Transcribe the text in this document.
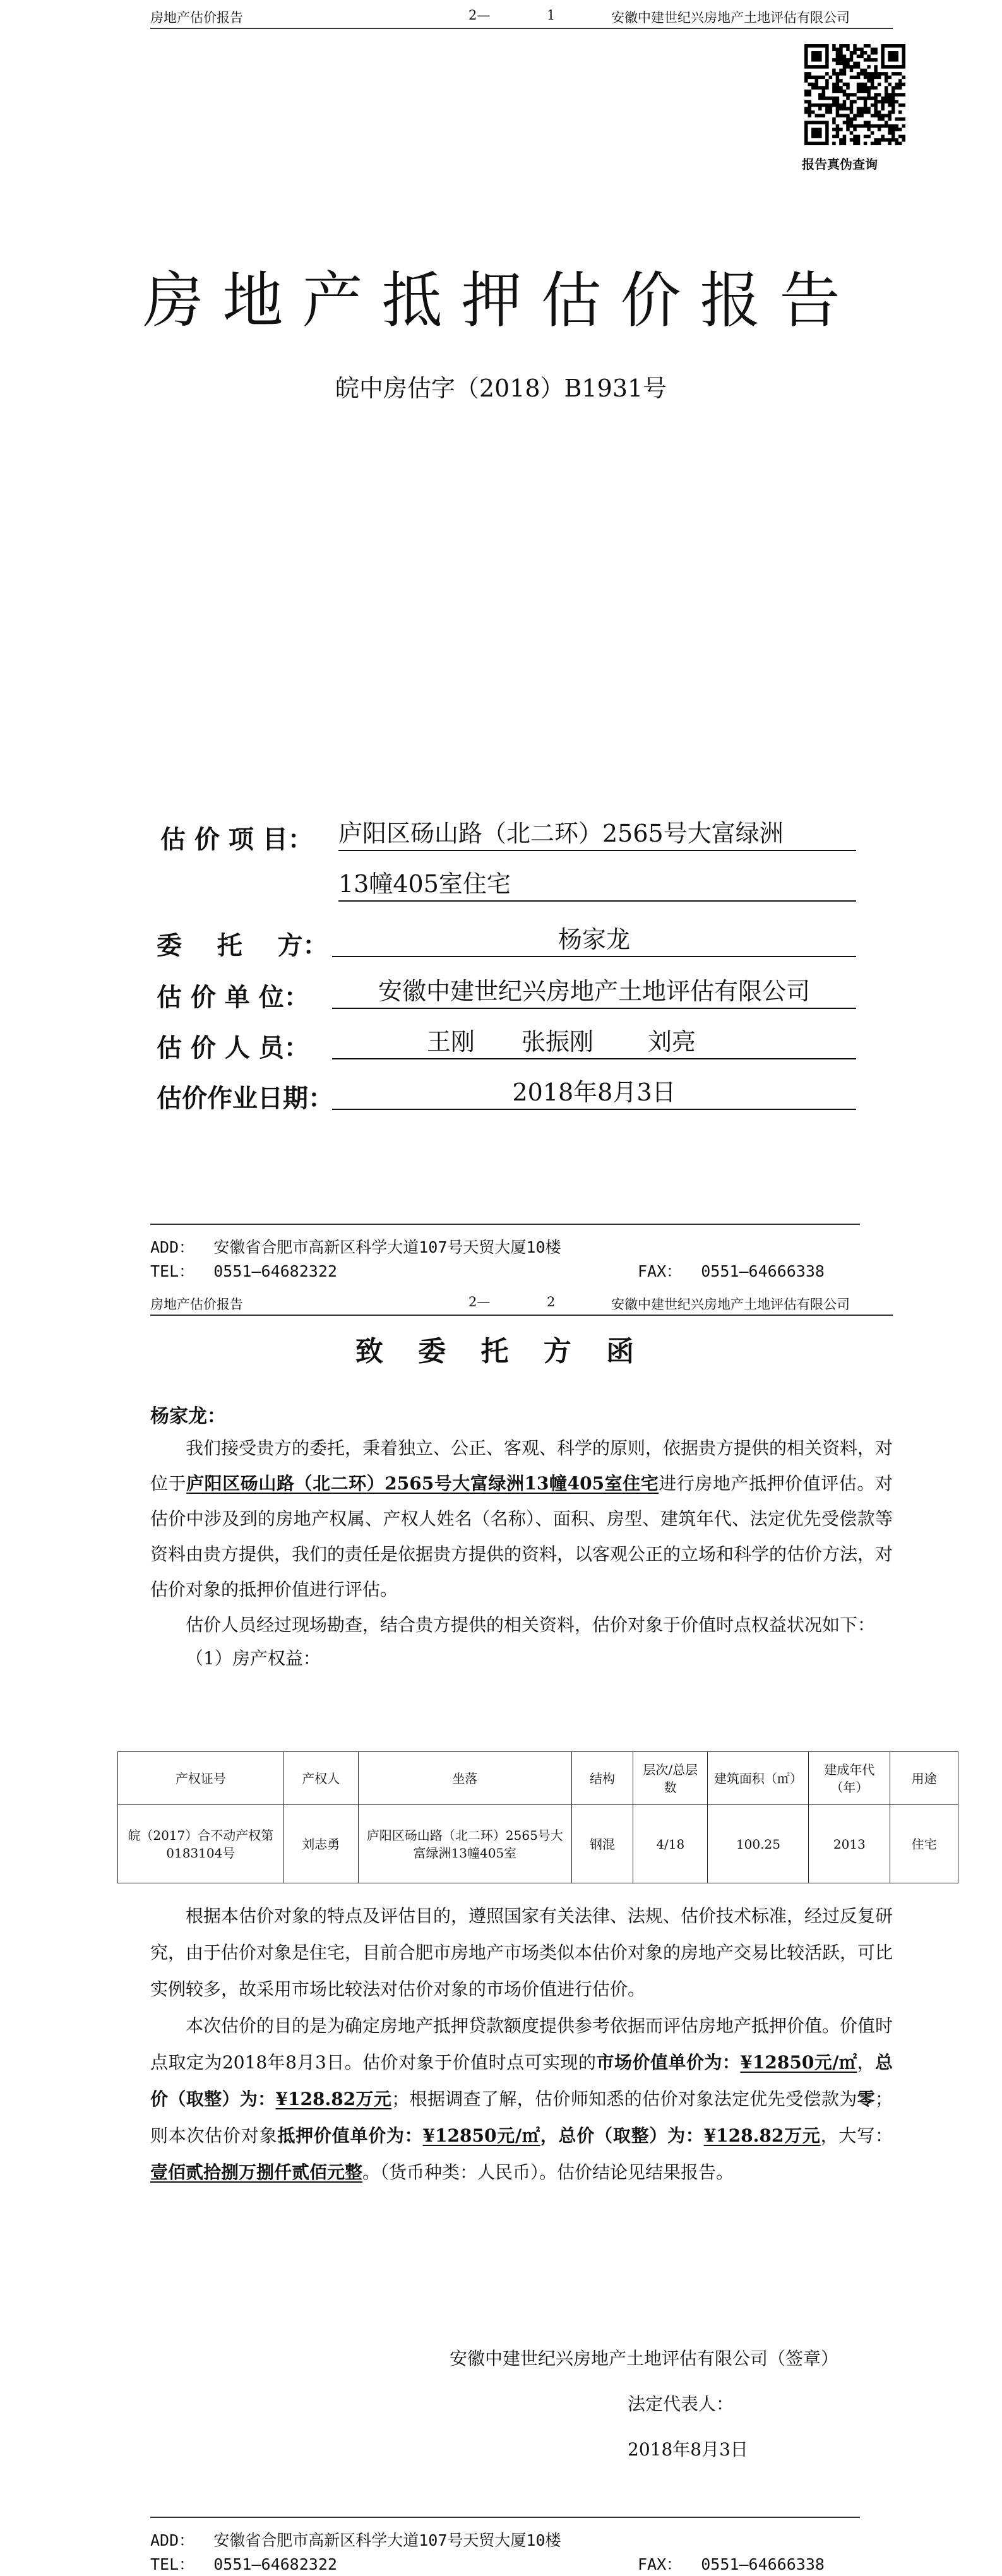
房地产估价报告	2—	1	安徽中建世纪兴房地产土地评估有限公司
报告真伪查询
房地产抵押估价报告
皖中房估字（2018）B1931号
估 价 项 目： 庐阳区砀山路（北二环）2565号大富绿洲
13幢405室住宅
委    托    方：	杨家龙
估 价 单 位：	安徽中建世纪兴房地产土地评估有限公司
估 价 人 员：	王刚 张振刚 刘亮
估价作业日期：	2018年8月3日
ADD：  安徽省合肥市高新区科学大道107号天贸大厦10楼
TEL：  0551—64682322	FAX：  0551—64666338
房地产估价报告	2—	2	安徽中建世纪兴房地产土地评估有限公司
致 委 托 方 函
杨家龙：

我们接受贵方的委托，秉着独立、公正、客观、科学的原则，依据贵方提供的相关资料，对位于庐阳区砀山路（北二环）2565号大富绿洲13幢405室住宅进行房地产抵押价值评估。对估价中涉及到的房地产权属、产权人姓名（名称）、面积、房型、建筑年代、法定优先受偿款等资料由贵方提供，我们的责任是依据贵方提供的资料，以客观公正的立场和科学的估价方法，对估价对象的抵押价值进行评估。

估价人员经过现场勘查，结合贵方提供的相关资料，估价对象于价值时点权益状况如下：

（1）房产权益：

产权证号	产权人	坐落	结构	层次/总层数	建筑面积（㎡）	建成年代（年）	用途
皖（2017）合不动产权第0183104号	刘志勇	庐阳区砀山路（北二环）2565号大富绿洲13幢405室	钢混	4/18	100.25	2013	住宅

根据本估价对象的特点及评估目的，遵照国家有关法律、法规、估价技术标准，经过反复研究，由于估价对象是住宅，目前合肥市房地产市场类似本估价对象的房地产交易比较活跃，可比实例较多，故采用市场比较法对估价对象的市场价值进行估价。

本次估价的目的是为确定房地产抵押贷款额度提供参考依据而评估房地产抵押价值。价值时点取定为2018年8月3日。估价对象于价值时点可实现的市场价值单价为：¥12850元/㎡，总价（取整）为：¥128.82万元；根据调查了解，估价师知悉的估价对象法定优先受偿款为零；则本次估价对象抵押价值单价为：¥12850元/㎡，总价（取整）为：¥128.82万元，大写：壹佰贰拾捌万捌仟贰佰元整。（货币种类：人民币）。估价结论见结果报告。

安徽中建世纪兴房地产土地评估有限公司（签章）
法定代表人：
2018年8月3日
ADD：  安徽省合肥市高新区科学大道107号天贸大厦10楼
TEL：  0551—64682322	FAX：  0551—64666338
